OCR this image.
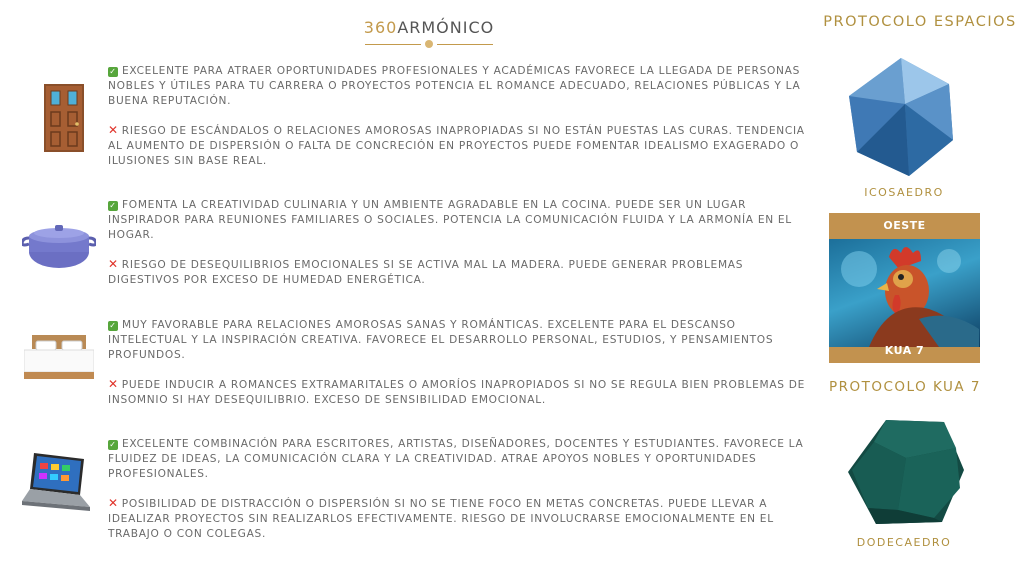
360ARMÓNICO

✓ EXCELENTE PARA ATRAER OPORTUNIDADES PROFESIONALES Y ACADÉMICAS FAVORECE LA LLEGADA DE PERSONAS NOBLES Y ÚTILES PARA TU CARRERA O PROYECTOS POTENCIA EL ROMANCE ADECUADO, RELACIONES PÚBLICAS Y LA BUENA REPUTACIÓN.

✕ RIESGO DE ESCÁNDALOS O RELACIONES AMOROSAS INAPROPIADAS SI NO ESTÁN PUESTAS LAS CURAS. TENDENCIA AL AUMENTO DE DISPERSIÓN O FALTA DE CONCRECIÓN EN PROYECTOS PUEDE FOMENTAR IDEALISMO EXAGERADO O ILUSIONES SIN BASE REAL.

✓ FOMENTA LA CREATIVIDAD CULINARIA Y UN AMBIENTE AGRADABLE EN LA COCINA. PUEDE SER UN LUGAR INSPIRADOR PARA REUNIONES FAMILIARES O SOCIALES. POTENCIA LA COMUNICACIÓN FLUIDA Y LA ARMONÍA EN EL HOGAR.

✕ RIESGO DE DESEQUILIBRIOS EMOCIONALES SI SE ACTIVA MAL LA MADERA. PUEDE GENERAR PROBLEMAS DIGESTIVOS POR EXCESO DE HUMEDAD ENERGÉTICA.

✓ MUY FAVORABLE PARA RELACIONES AMOROSAS SANAS Y ROMÁNTICAS. EXCELENTE PARA EL DESCANSO INTELECTUAL Y LA INSPIRACIÓN CREATIVA. FAVORECE EL DESARROLLO PERSONAL, ESTUDIOS, Y PENSAMIENTOS PROFUNDOS.

✕ PUEDE INDUCIR A ROMANCES EXTRAMARITALES O AMORÍOS INAPROPIADOS SI NO SE REGULA BIEN PROBLEMAS DE INSOMNIO SI HAY DESEQUILIBRIO. EXCESO DE SENSIBILIDAD EMOCIONAL.

✓ EXCELENTE COMBINACIÓN PARA ESCRITORES, ARTISTAS, DISEÑADORES, DOCENTES Y ESTUDIANTES. FAVORECE LA FLUIDEZ DE IDEAS, LA COMUNICACIÓN CLARA Y LA CREATIVIDAD. ATRAE APOYOS NOBLES Y OPORTUNIDADES PROFESIONALES.

✕ POSIBILIDAD DE DISTRACCIÓN O DISPERSIÓN SI NO SE TIENE FOCO EN METAS CONCRETAS. PUEDE LLEVAR A IDEALIZAR PROYECTOS SIN REALIZARLOS EFECTIVAMENTE. RIESGO DE INVOLUCRARSE EMOCIONALMENTE EN EL TRABAJO O CON COLEGAS.

PROTOCOLO ESPACIOS
ICOSAEDRO
OESTE
KUA 7
PROTOCOLO KUA 7
DODECAEDRO
